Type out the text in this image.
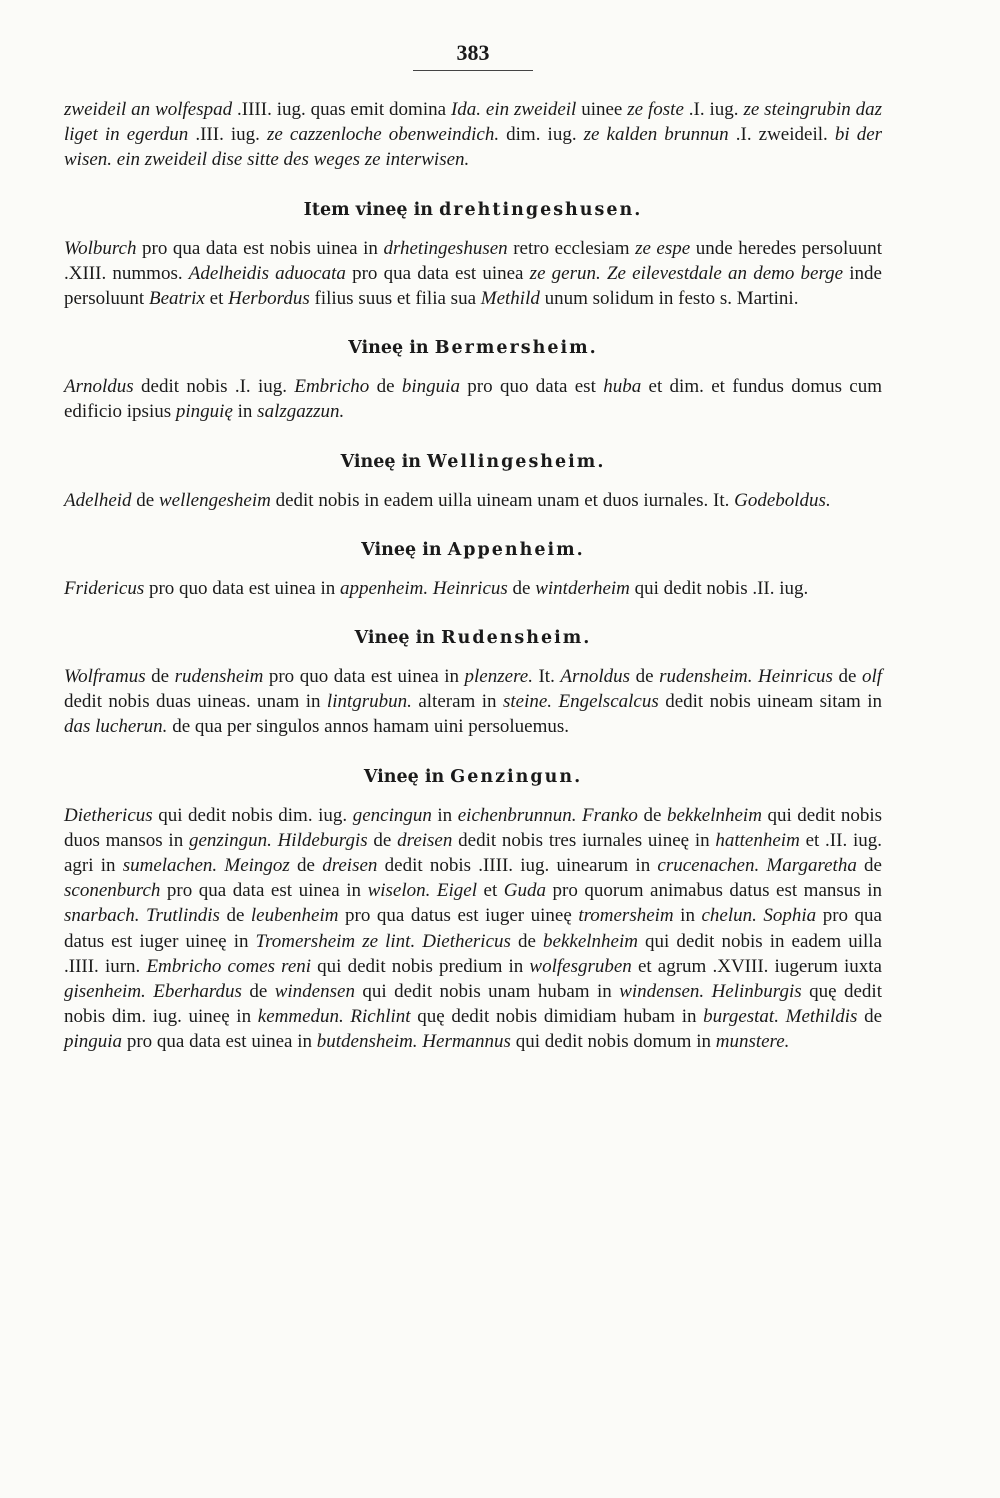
383

zweideil an wolfespad .IIII. iug. quas emit domina Ida. ein zweideil uinee ze foste .I. iug. ze steingrubin daz liget in egerdun .III. iug. ze cazzenloche obenweindich. dim. iug. ze kalden brunnun .I. zweideil. bi der wisen. ein zweideil dise sitte des weges ze interwisen.

Item vineę in drehtingeshusen.

Wolburch pro qua data est nobis uinea in drhetingeshusen retro ecclesiam ze espe unde heredes persoluunt .XIII. nummos. Adelheidis aduocata pro qua data est uinea ze gerun. Ze eilevestdale an demo berge inde persoluunt Beatrix et Herbordus filius suus et filia sua Methild unum solidum in festo s. Martini.

Vineę in Bermersheim.

Arnoldus dedit nobis .I. iug. Embricho de binguia pro quo data est huba et dim. et fundus domus cum edificio ipsius pinguię in salzgazzun.

Vineę in Wellingesheim.

Adelheid de wellengesheim dedit nobis in eadem uilla uineam unam et duos iurnales. It. Godeboldus.

Vineę in Appenheim.

Fridericus pro quo data est uinea in appenheim. Heinricus de wintderheim qui dedit nobis .II. iug.

Vineę in Rudensheim.

Wolframus de rudensheim pro quo data est uinea in plenzere. It. Arnoldus de rudensheim. Heinricus de olf dedit nobis duas uineas. unam in lintgrubun. alteram in steine. Engelscalcus dedit nobis uineam sitam in das lucherun. de qua per singulos annos hamam uini persoluemus.

Vineę in Genzingun.

Diethericus qui dedit nobis dim. iug. gencingun in eichenbrunnun. Franko de bekkelnheim qui dedit nobis duos mansos in genzingun. Hildeburgis de dreisen dedit nobis tres iurnales uineę in hattenheim et .II. iug. agri in sumelachen. Meingoz de dreisen dedit nobis .IIII. iug. uinearum in crucenachen. Margaretha de sconenburch pro qua data est uinea in wiselon. Eigel et Guda pro quorum animabus datus est mansus in snarbach. Trutlindis de leubenheim pro qua datus est iuger uineę tromersheim in chelun. Sophia pro qua datus est iuger uineę in Tromersheim ze lint. Diethericus de bekkelnheim qui dedit nobis in eadem uilla .IIII. iurn. Embricho comes reni qui dedit nobis predium in wolfesgruben et agrum .XVIII. iugerum iuxta gisenheim. Eberhardus de windensen qui dedit nobis unam hubam in windensen. Helinburgis quę dedit nobis dim. iug. uineę in kemmedun. Richlint quę dedit nobis dimidiam hubam in burgestat. Methildis de pinguia pro qua data est uinea in butdensheim. Hermannus qui dedit nobis domum in munstere.
